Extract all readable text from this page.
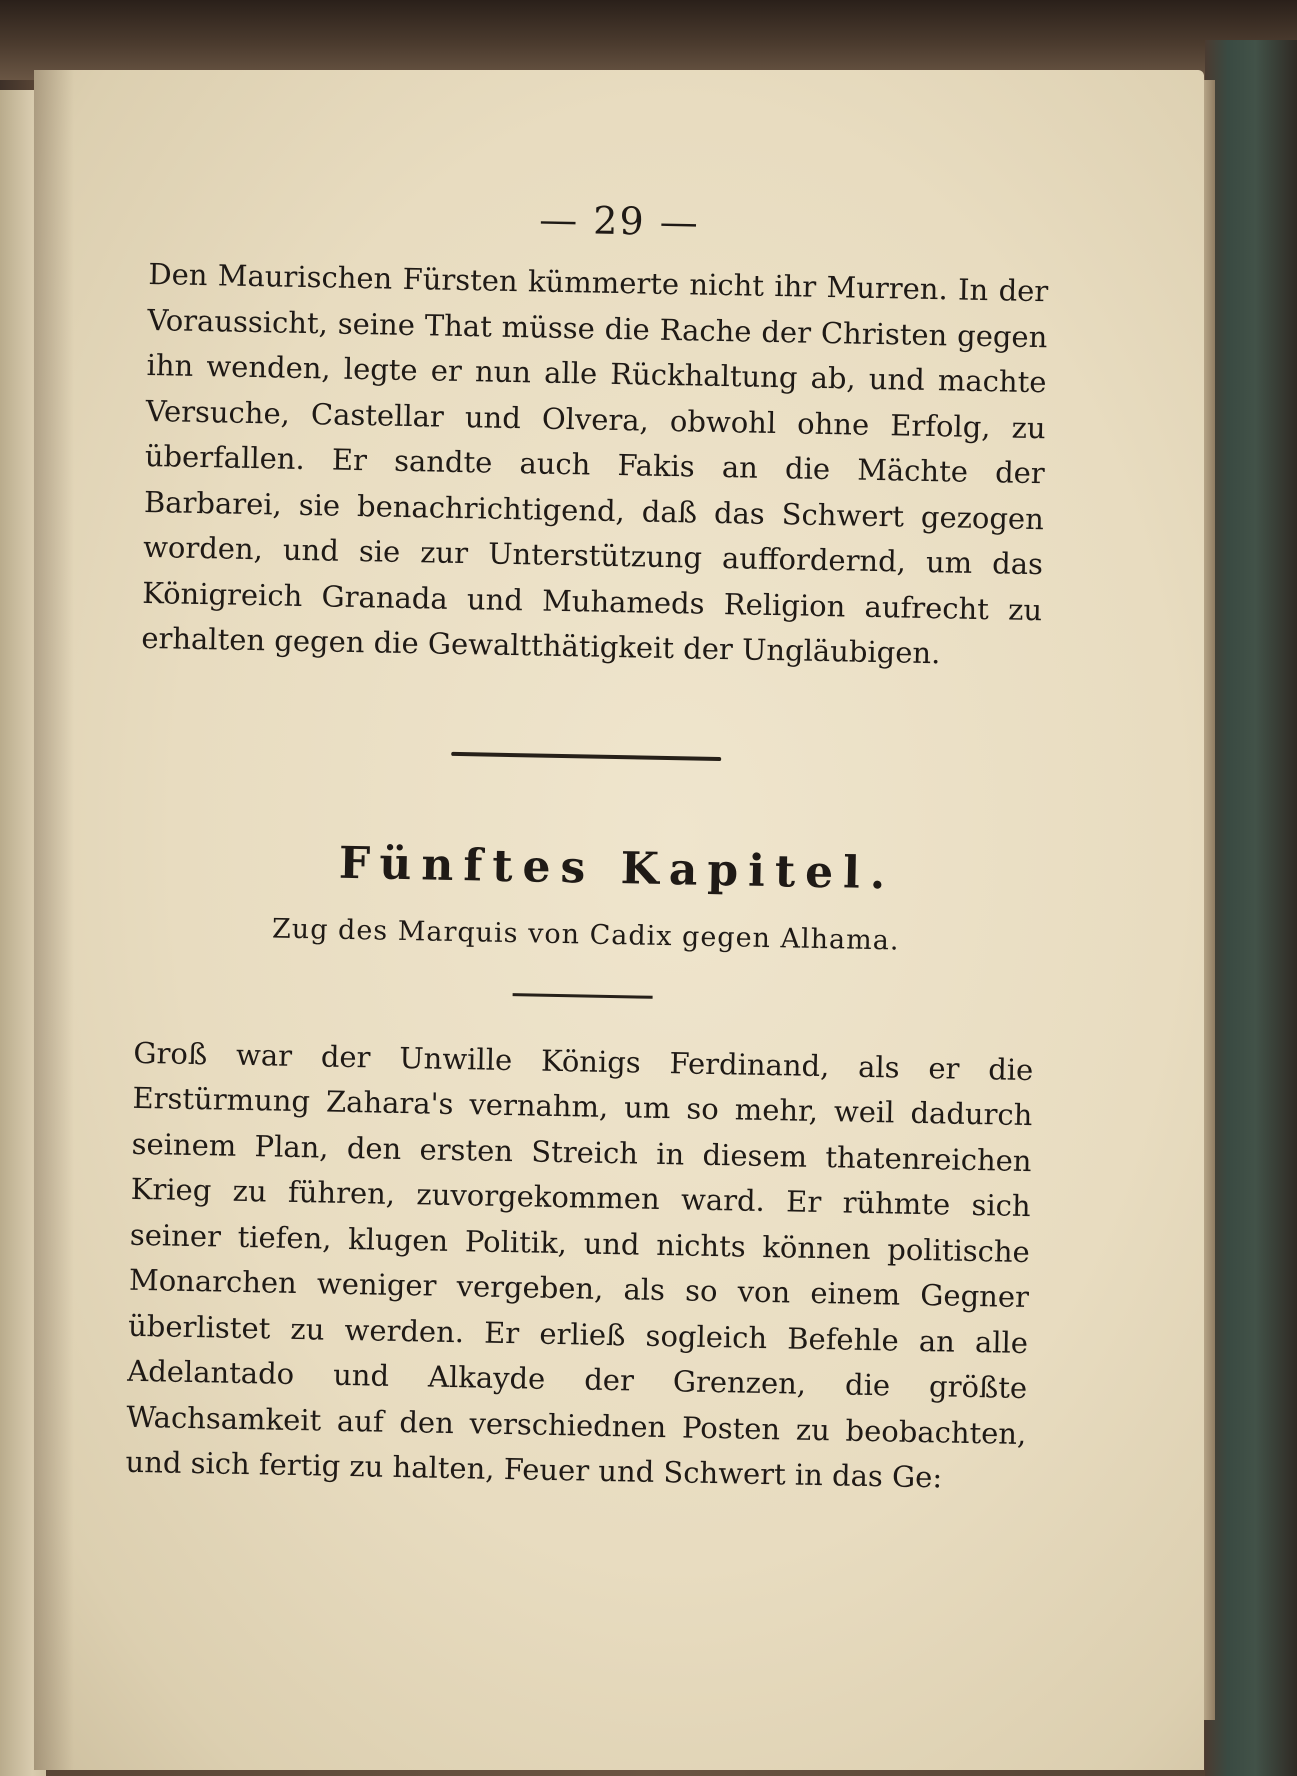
— 29 —

Den Maurischen Fürsten kümmerte nicht ihr Murren. In der Voraussicht, seine That müsse die Rache der Christen gegen ihn wenden, legte er nun alle Rückhaltung ab, und machte Versuche, Castellar und Olvera, obwohl ohne Erfolg, zu überfallen. Er sandte auch Fakis an die Mächte der Barbarei, sie benachrichtigend, daß das Schwert gezogen worden, und sie zur Unterstützung auffordernd, um das Königreich Granada und Muhameds Religion aufrecht zu erhalten gegen die Gewaltthätigkeit der Ungläubigen.

Fünftes Kapitel.
Zug des Marquis von Cadix gegen Alhama.

Groß war der Unwille Königs Ferdinand, als er die Erstürmung Zahara's vernahm, um so mehr, weil dadurch seinem Plan, den ersten Streich in diesem thatenreichen Krieg zu führen, zuvorgekommen ward. Er rühmte sich seiner tiefen, klugen Politik, und nichts können politische Monarchen weniger vergeben, als so von einem Gegner überlistet zu werden. Er erließ sogleich Befehle an alle Adelantado und Alkayde der Grenzen, die größte Wachsamkeit auf den verschiednen Posten zu beobachten, und sich fertig zu halten, Feuer und Schwert in das Ge:
